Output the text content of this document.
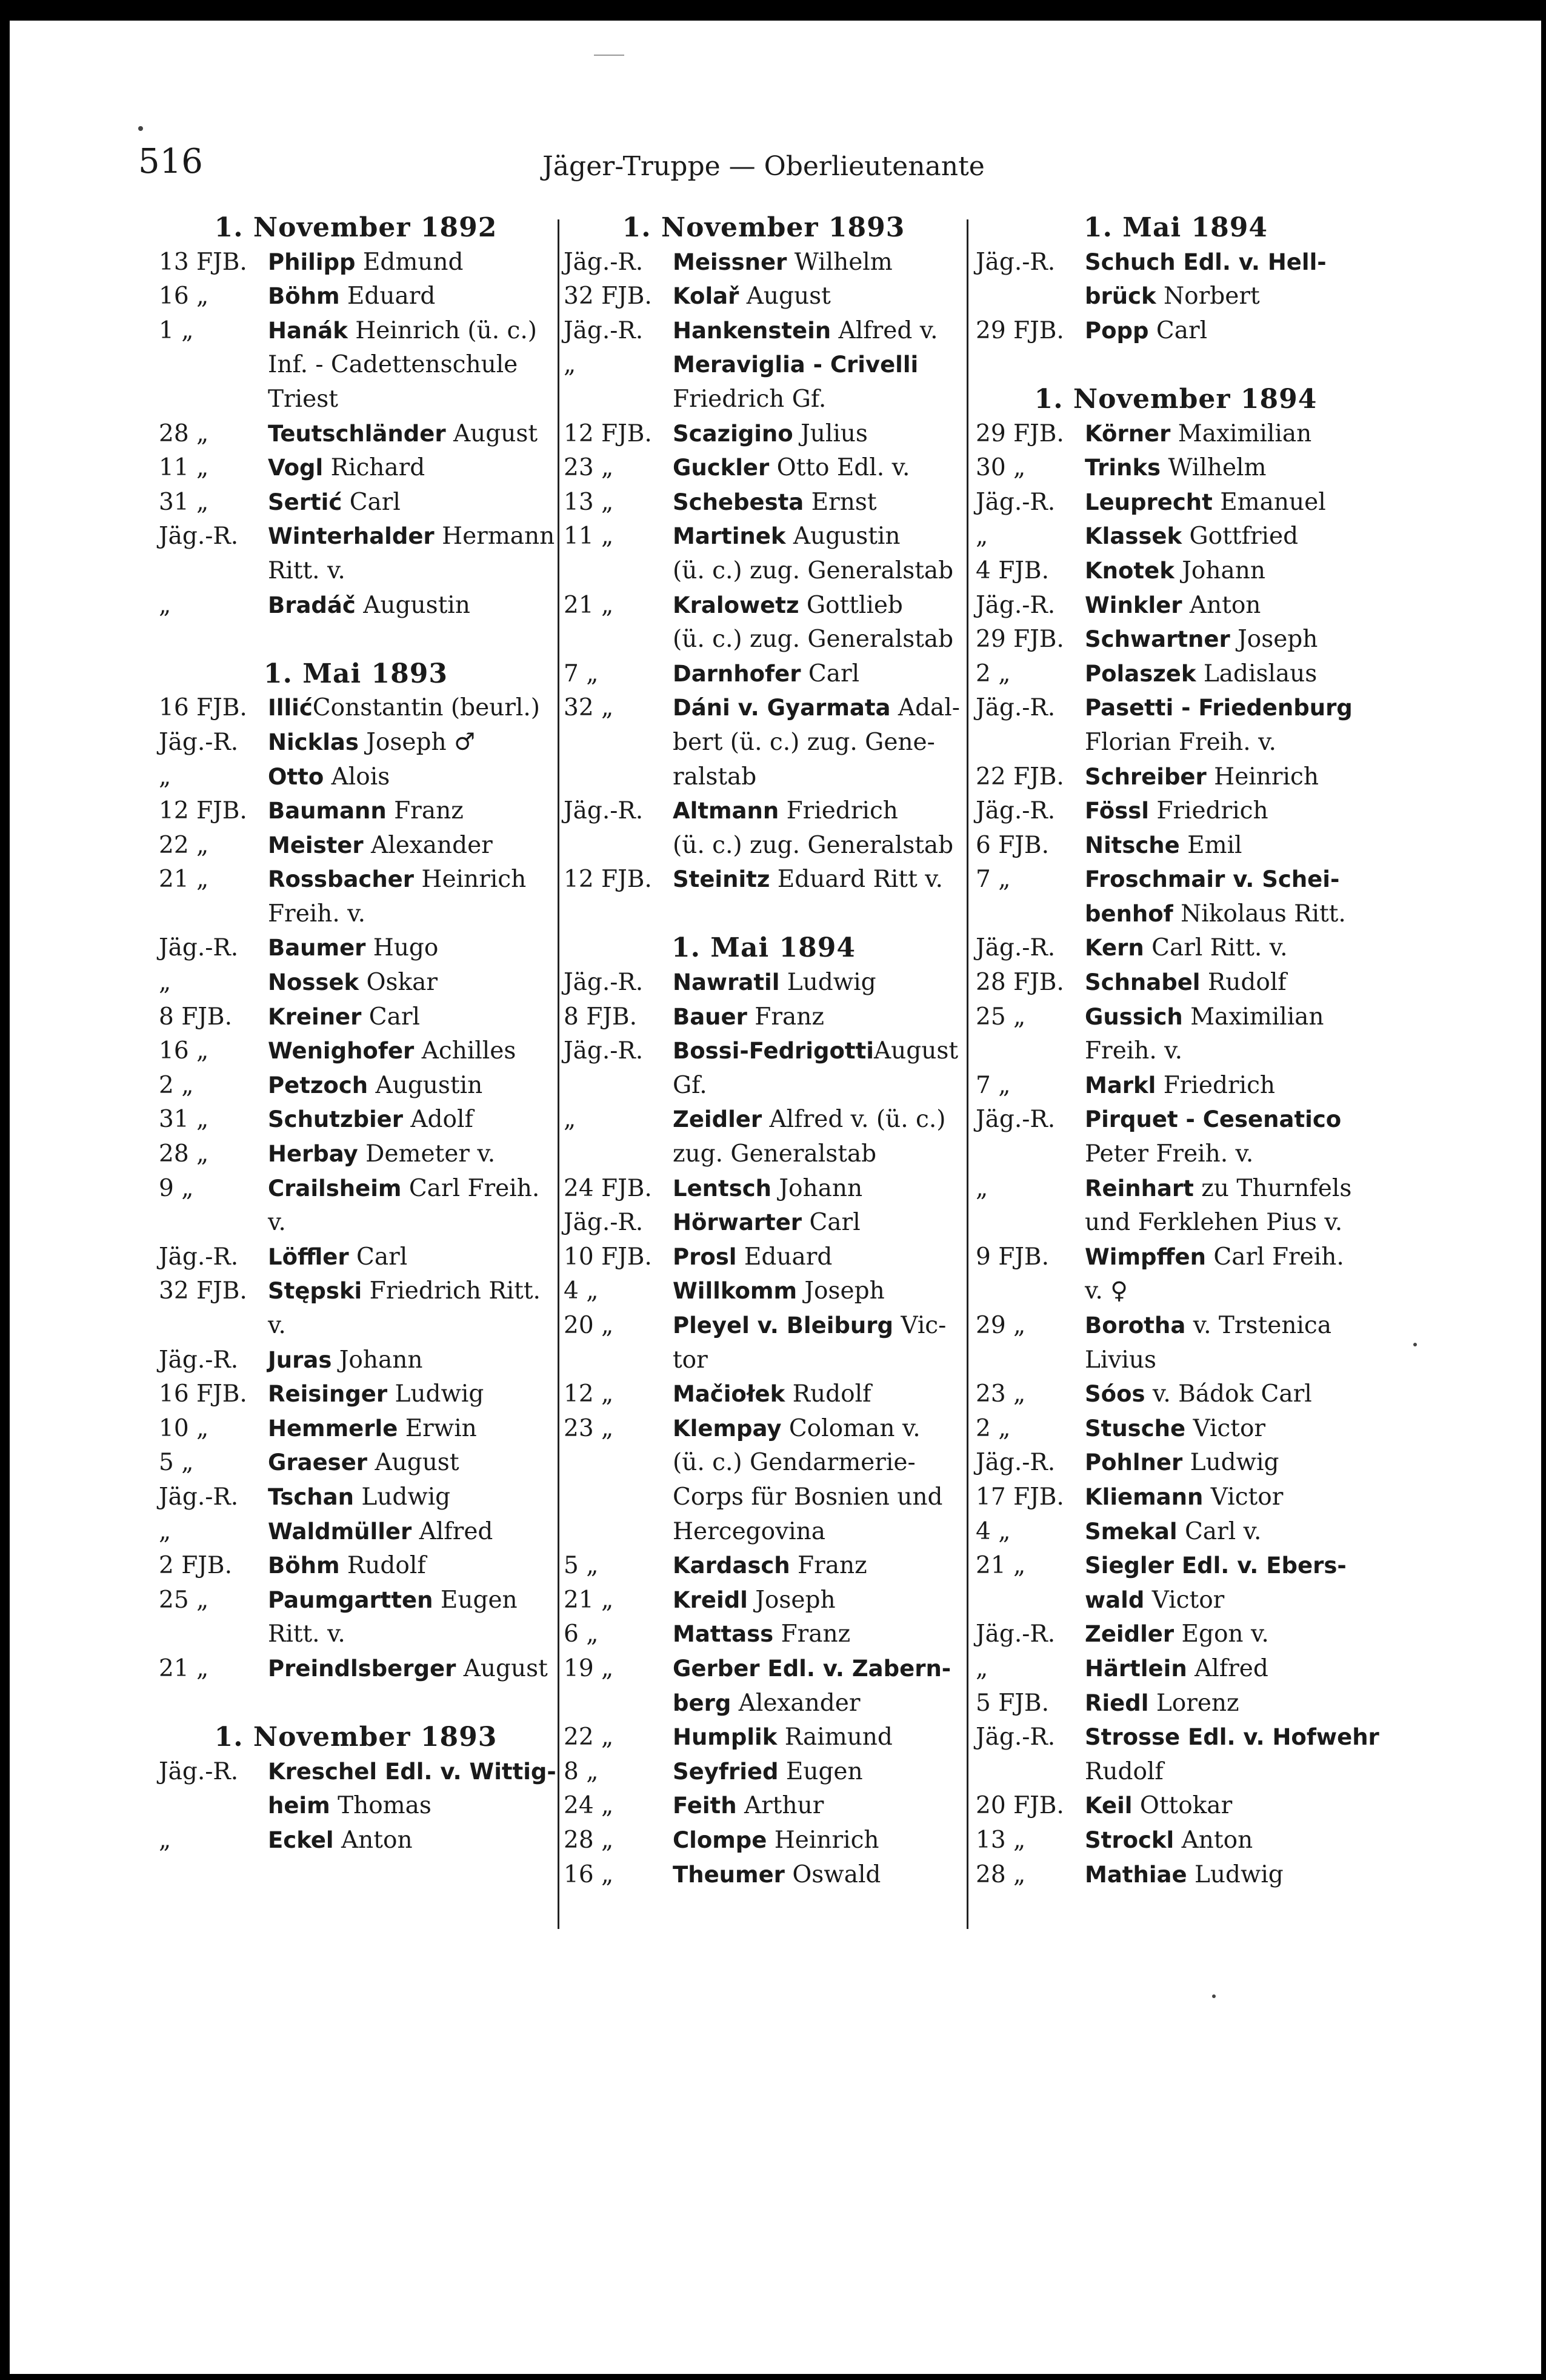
516	Jäger-Truppe — Oberlieutenante
1. November 1892
13 FJB. Philipp Edmund
16 „	Böhm Eduard
1 „	Hanák Heinrich (ü. c.)
Inf. - Cadettenschule
Triest
28 „	Teutschländer August
11 „	Vogl Richard
31 „	Sertić Carl
Jäg.-R.	Winterhalder Hermann
Ritt. v.
„	Bradáč Augustin
1. Mai 1893
16 FJB. IllićConstantin (beurl.)
Jäg.-R.	Nicklas Joseph ♂
„	Otto Alois
12 FJB. Baumann Franz
22 „	Meister Alexander
21 „	Rossbacher Heinrich
Freih. v.
Jäg.-R.	Baumer Hugo
„	Nossek Oskar
8 FJB.	Kreiner Carl
16 „	Wenighofer Achilles
2 „	Petzoch Augustin
31 „	Schutzbier Adolf
28 „	Herbay Demeter v.
9 „	Crailsheim Carl Freih.
v.
Jäg.-R.	Löffler Carl
32 FJB. Stępski Friedrich Ritt.
v.
Jäg.-R.	Juras Johann
16 FJB. Reisinger Ludwig
10 „	Hemmerle Erwin
5 „	Graeser August
Jäg.-R.	Tschan Ludwig
„	Waldmüller Alfred
2 FJB.	Böhm Rudolf
25 „	Paumgartten Eugen
Ritt. v.
21 „	Preindlsberger August
1. November 1893
Jäg.-R.	Kreschel Edl. v. Wittig-
heim Thomas
„	Eckel Anton
1. November 1893
Jäg.-R.	Meissner Wilhelm
32 FJB. Kolař August
Jäg.-R.	Hankenstein Alfred v.
„	Meraviglia - Crivelli
Friedrich Gf.
12 FJB. Scazigino Julius
23 „	Guckler Otto Edl. v.
13 „	Schebesta Ernst
11 „	Martinek Augustin
(ü. c.) zug. Generalstab
21 „	Kralowetz Gottlieb
(ü. c.) zug. Generalstab
7 „	Darnhofer Carl
32 „	Dáni v. Gyarmata Adal-
bert (ü. c.) zug. Gene-
ralstab
Jäg.-R.	Altmann Friedrich
(ü. c.) zug. Generalstab
12 FJB. Steinitz Eduard Ritt v.
1. Mai 1894
Jäg.-R.	Nawratil Ludwig
8 FJB.	Bauer Franz
Jäg.-R.	Bossi-FedrigottiAugust
Gf.
„	Zeidler Alfred v. (ü. c.)
zug. Generalstab
24 FJB. Lentsch Johann
Jäg.-R.	Hörwarter Carl
10 FJB. Prosl Eduard
4 „	Willkomm Joseph
20 „	Pleyel v. Bleiburg Vic-
tor
12 „	Mačiołek Rudolf
23 „	Klempay Coloman v.
(ü. c.) Gendarmerie-
Corps für Bosnien und
Hercegovina
5 „	Kardasch Franz
21 „	Kreidl Joseph
6 „	Mattass Franz
19 „	Gerber Edl. v. Zabern-
berg Alexander
22 „	Humplik Raimund
8 „	Seyfried Eugen
24 „	Feith Arthur
28 „	Clompe Heinrich
16 „	Theumer Oswald
1. Mai 1894
Jäg.-R.	Schuch Edl. v. Hell-
brück Norbert
29 FJB. Popp Carl
1. November 1894
29 FJB. Körner Maximilian
30 „	Trinks Wilhelm
Jäg.-R.	Leuprecht Emanuel
„	Klassek Gottfried
4 FJB.	Knotek Johann
Jäg.-R.	Winkler Anton
29 FJB. Schwartner Joseph
2 „	Polaszek Ladislaus
Jäg.-R.	Pasetti - Friedenburg
Florian Freih. v.
22 FJB. Schreiber Heinrich
Jäg.-R.	Fössl Friedrich
6 FJB.	Nitsche Emil
7 „	Froschmair v. Schei-
benhof Nikolaus Ritt.
Jäg.-R.	Kern Carl Ritt. v.
28 FJB. Schnabel Rudolf
25 „	Gussich Maximilian
Freih. v.
7 „	Markl Friedrich
Jäg.-R.	Pirquet - Cesenatico
Peter Freih. v.
„	Reinhart zu Thurnfels
und Ferklehen Pius v.
9 FJB.	Wimpffen Carl Freih.
v. ♀
29 „	Borotha v. Trstenica
Livius
23 „	Sóos v. Bádok Carl
2 „	Stusche Victor
Jäg.-R.	Pohlner Ludwig
17 FJB. Kliemann Victor
4 „	Smekal Carl v.
21 „	Siegler Edl. v. Ebers-
wald Victor
Jäg.-R.	Zeidler Egon v.
„	Härtlein Alfred
5 FJB.	Riedl Lorenz
Jäg.-R.	Strosse Edl. v. Hofwehr
Rudolf
20 FJB. Keil Ottokar
13 „	Strockl Anton
28 „	Mathiae Ludwig
